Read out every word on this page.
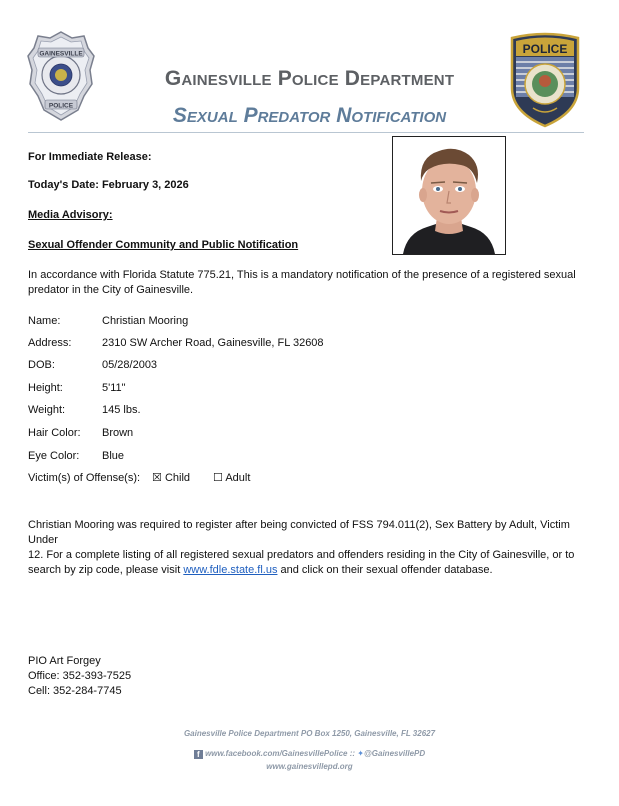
GAINESVILLE
POLICE
POLICE
Gainesville Police Department
Sexual Predator Notification
For Immediate Release:
Today's Date: February 3, 2026
Media Advisory:
Sexual Offender Community and Public Notification
In accordance with Florida Statute 775.21, This is a mandatory notification of the presence of a registered sexual
predator in the City of Gainesville.
Name:	Christian Mooring
Address:	2310 SW Archer Road, Gainesville, FL 32608
DOB:	05/28/2003
Height:	5'11"
Weight:	145 lbs.
Hair Color: Brown
Eye Color: Blue
Victim(s) of Offense(s): ☒ Child ☐ Adult
Christian Mooring was required to register after being convicted of FSS 794.011(2), Sex Battery by Adult, Victim Under
12. For a complete listing of all registered sexual predators and offenders residing in the City of Gainesville, or to
search by zip code, please visit www.fdle.state.fl.us and click on their sexual offender database.
PIO Art Forgey
Office: 352-393-7525
Cell: 352-284-7745
Gainesville Police Department PO Box 1250, Gainesville, FL 32627
f www.facebook.com/GainesvillePolice :: ✦@GainesvillePD
www.gainesvillepd.org
